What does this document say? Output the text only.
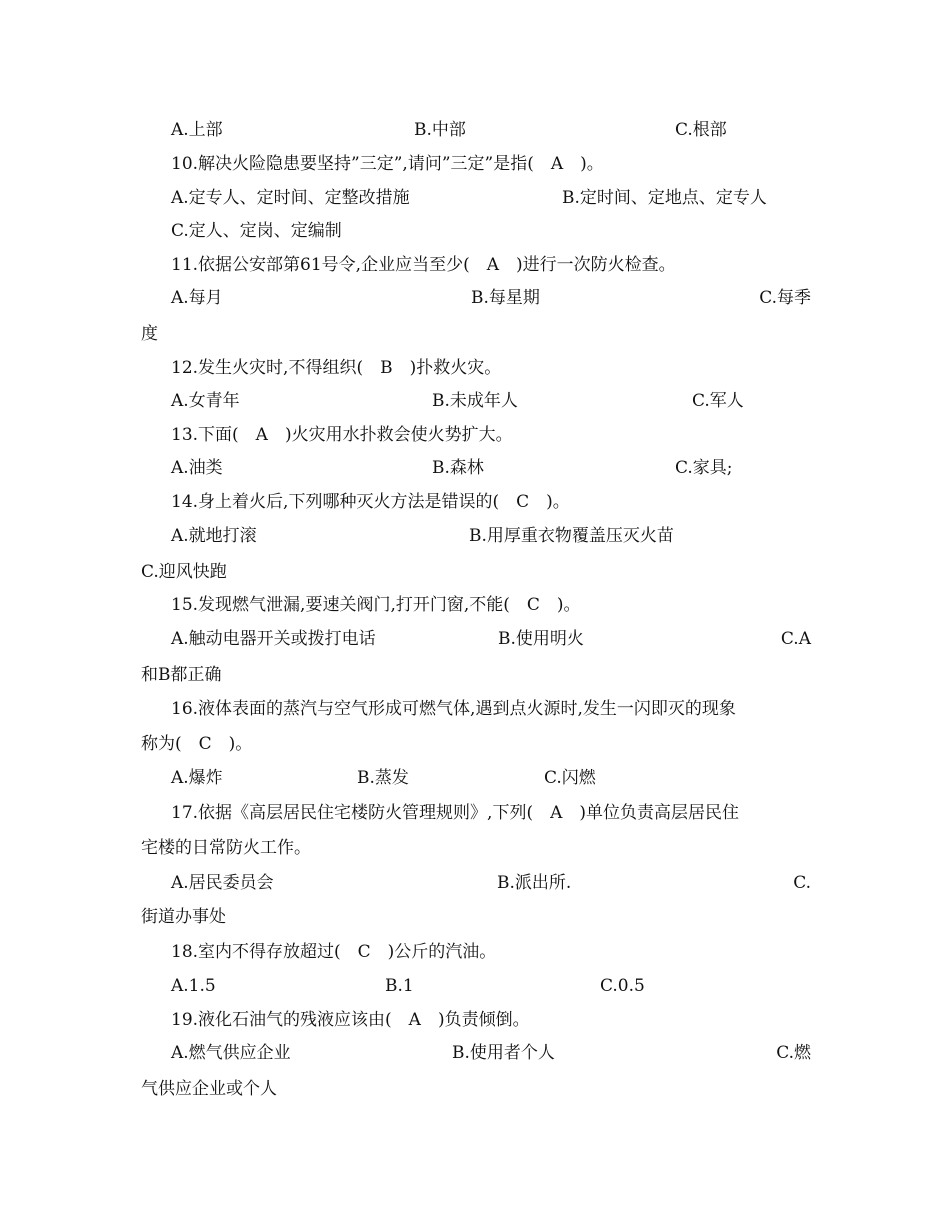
A.上部	B.中部	C.根部
10.解决火险隐患要坚持”三定”,请问”三定”是指(　A　)。
A.定专人、定时间、定整改措施	B.定时间、定地点、定专人
C.定人、定岗、定编制
11.依据公安部第61号令,企业应当至少(　A　)进行一次防火检查。
A.每月	B.每星期	C.每季
度
12.发生火灾时,不得组织(　B　)扑救火灾。
A.女青年	B.未成年人	C.军人
13.下面(　A　)火灾用水扑救会使火势扩大。
A.油类	B.森林	C.家具;
14.身上着火后,下列哪种灭火方法是错误的(　C　)。
A.就地打滚	B.用厚重衣物覆盖压灭火苗
C.迎风快跑
15.发现燃气泄漏,要速关阀门,打开门窗,不能(　C　)。
A.触动电器开关或拨打电话	B.使用明火	C.A
和B都正确
16.液体表面的蒸汽与空气形成可燃气体,遇到点火源时,发生一闪即灭的现象
称为(　C　)。
A.爆炸	B.蒸发	C.闪燃
17.依据《高层居民住宅楼防火管理规则》,下列(　A　)单位负责高层居民住
宅楼的日常防火工作。
A.居民委员会	B.派出所.	C.
街道办事处
18.室内不得存放超过(　C　)公斤的汽油。
A.1.5	B.1	C.0.5
19.液化石油气的残液应该由(　A　)负责倾倒。
A.燃气供应企业	B.使用者个人	C.燃
气供应企业或个人
